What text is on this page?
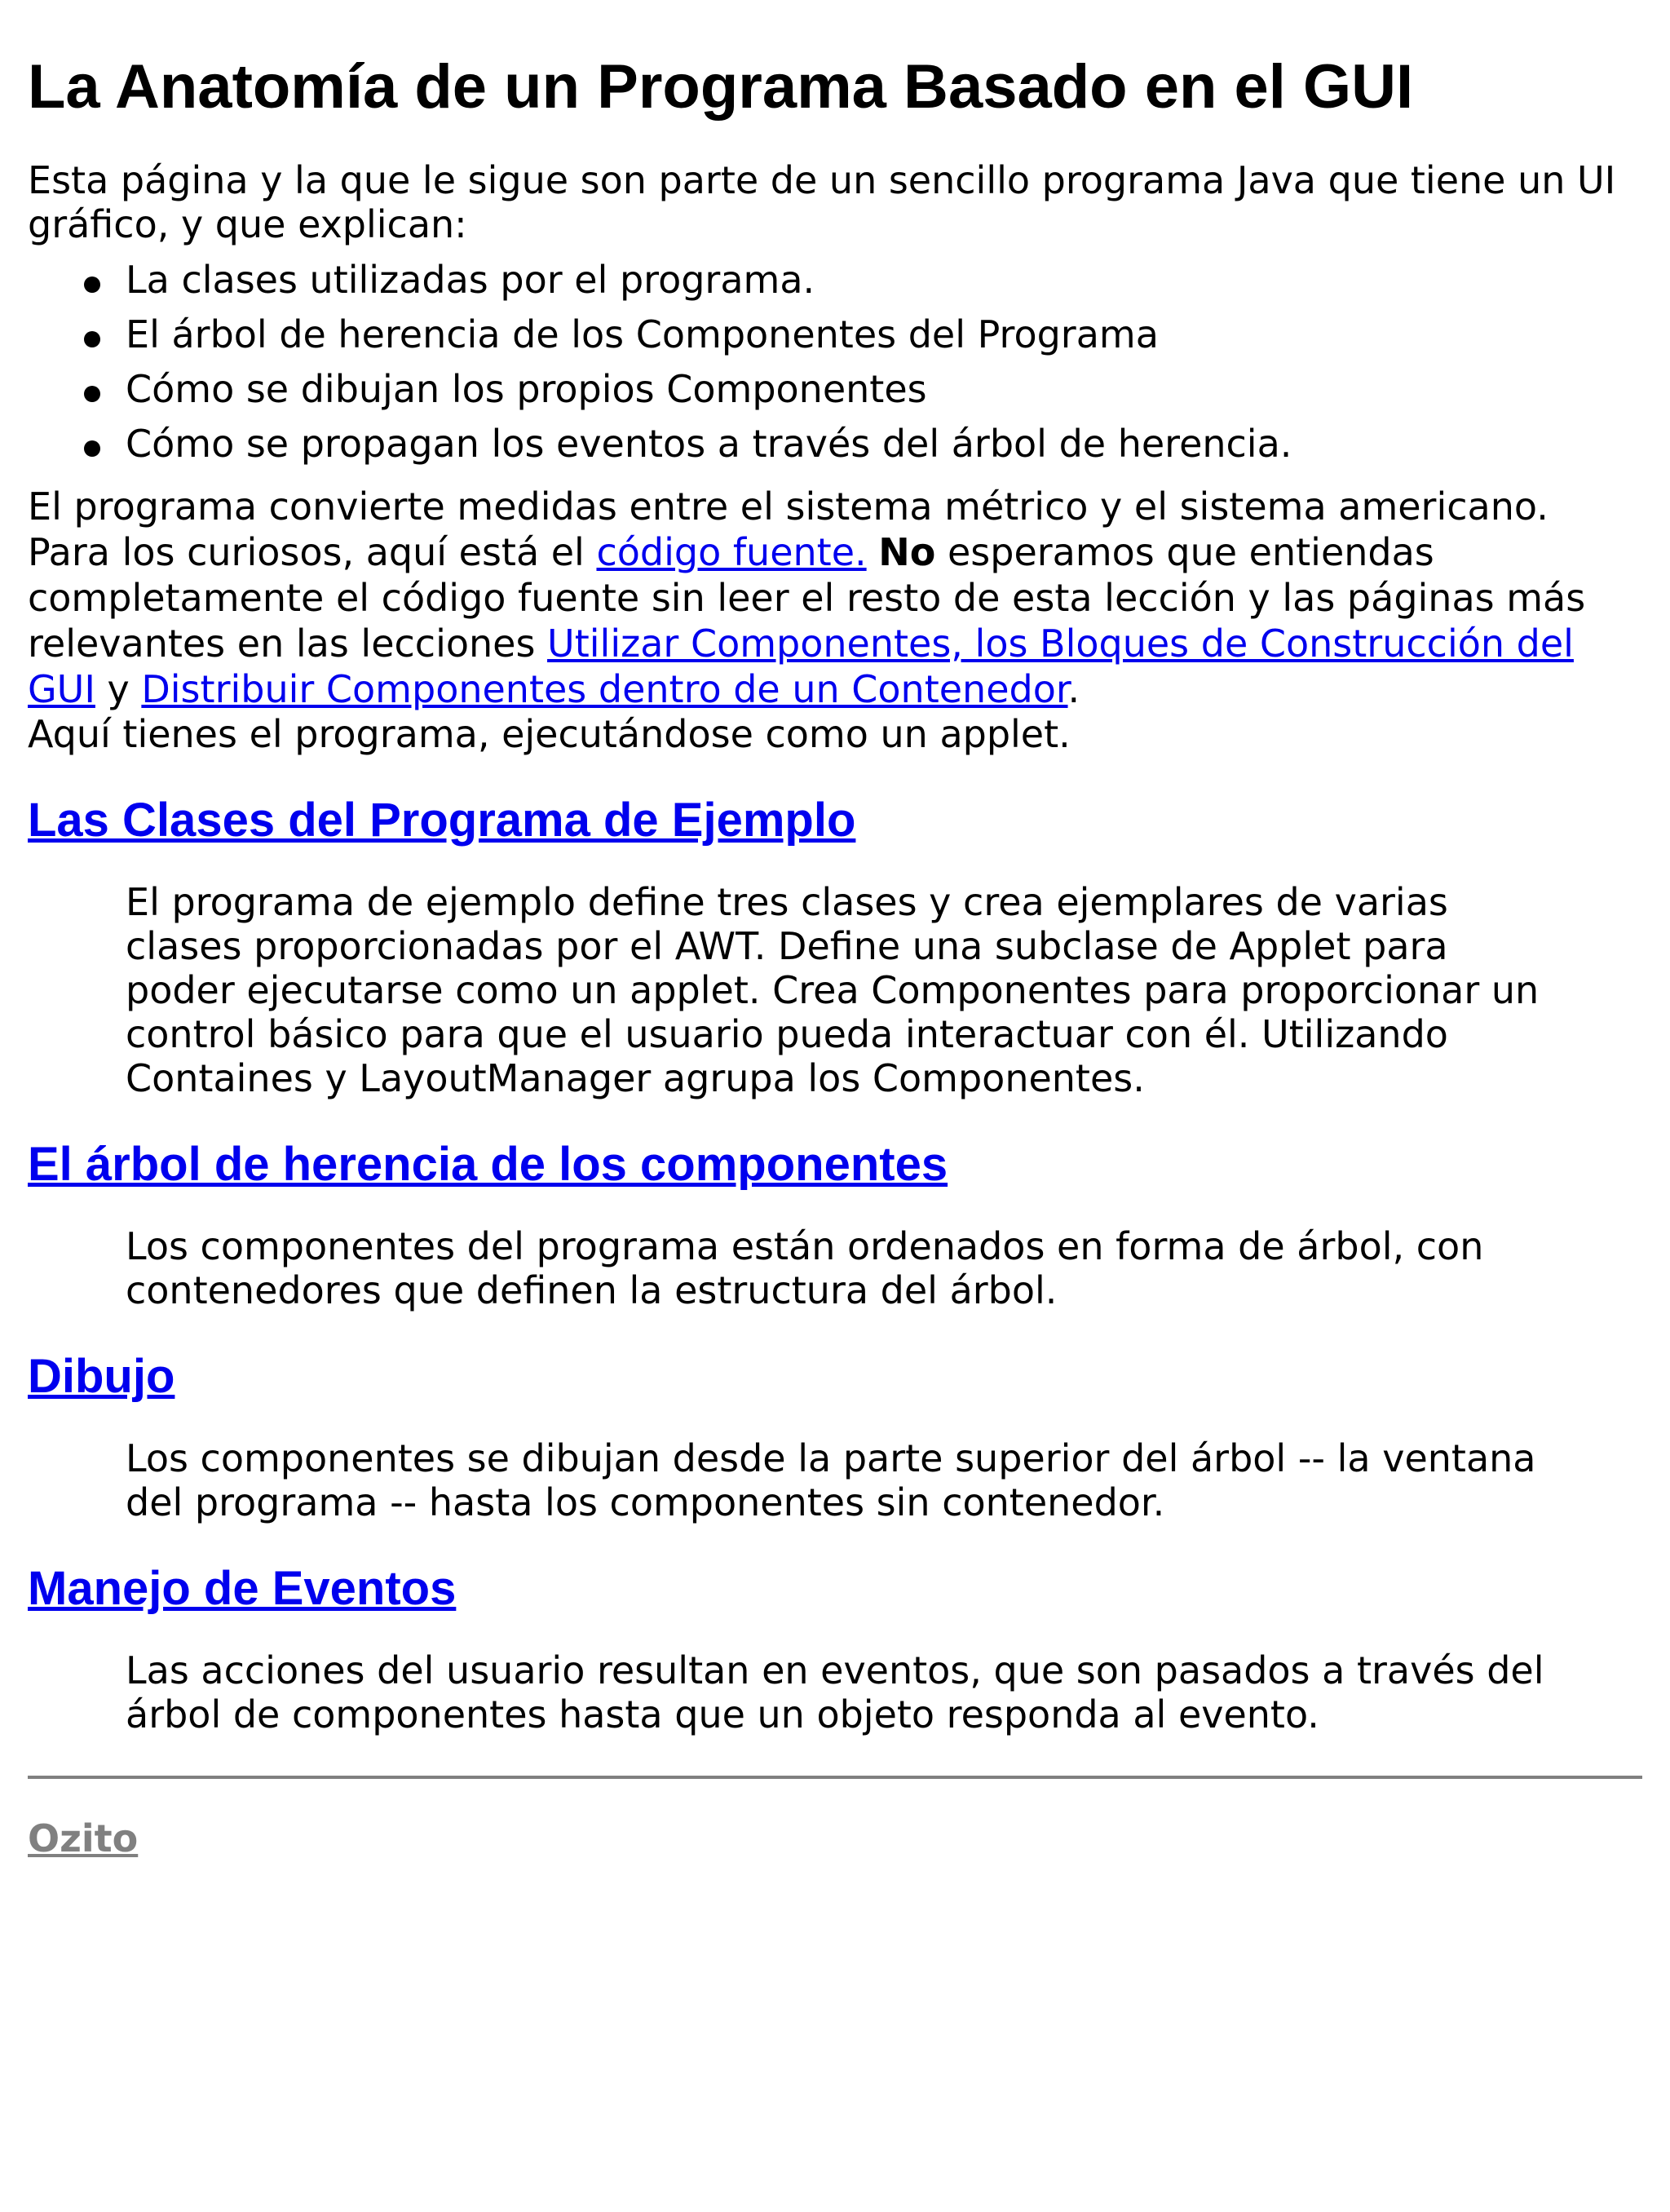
La Anatomía de un Programa Basado en el GUI

Esta página y la que le sigue son parte de un sencillo programa Java que tiene un UI gráfico, y que explican:

La clases utilizadas por el programa.
El árbol de herencia de los Componentes del Programa
Cómo se dibujan los propios Componentes
Cómo se propagan los eventos a través del árbol de herencia.

El programa convierte medidas entre el sistema métrico y el sistema americano. Para los curiosos, aquí está el código fuente. No esperamos que entiendas completamente el código fuente sin leer el resto de esta lección y las páginas más relevantes en las lecciones Utilizar Componentes, los Bloques de Construcción del GUI y Distribuir Componentes dentro de un Contenedor.

Aquí tienes el programa, ejecutándose como un applet.

Las Clases del Programa de Ejemplo

El programa de ejemplo define tres clases y crea ejemplares de varias clases proporcionadas por el AWT. Define una subclase de Applet para poder ejecutarse como un applet. Crea Componentes para proporcionar un control básico para que el usuario pueda interactuar con él. Utilizando Containes y LayoutManager agrupa los Componentes.

El árbol de herencia de los componentes

Los componentes del programa están ordenados en forma de árbol, con contenedores que definen la estructura del árbol.

Dibujo

Los componentes se dibujan desde la parte superior del árbol -- la ventana del programa -- hasta los componentes sin contenedor.

Manejo de Eventos

Las acciones del usuario resultan en eventos, que son pasados a través del árbol de componentes hasta que un objeto responda al evento.

Ozito
